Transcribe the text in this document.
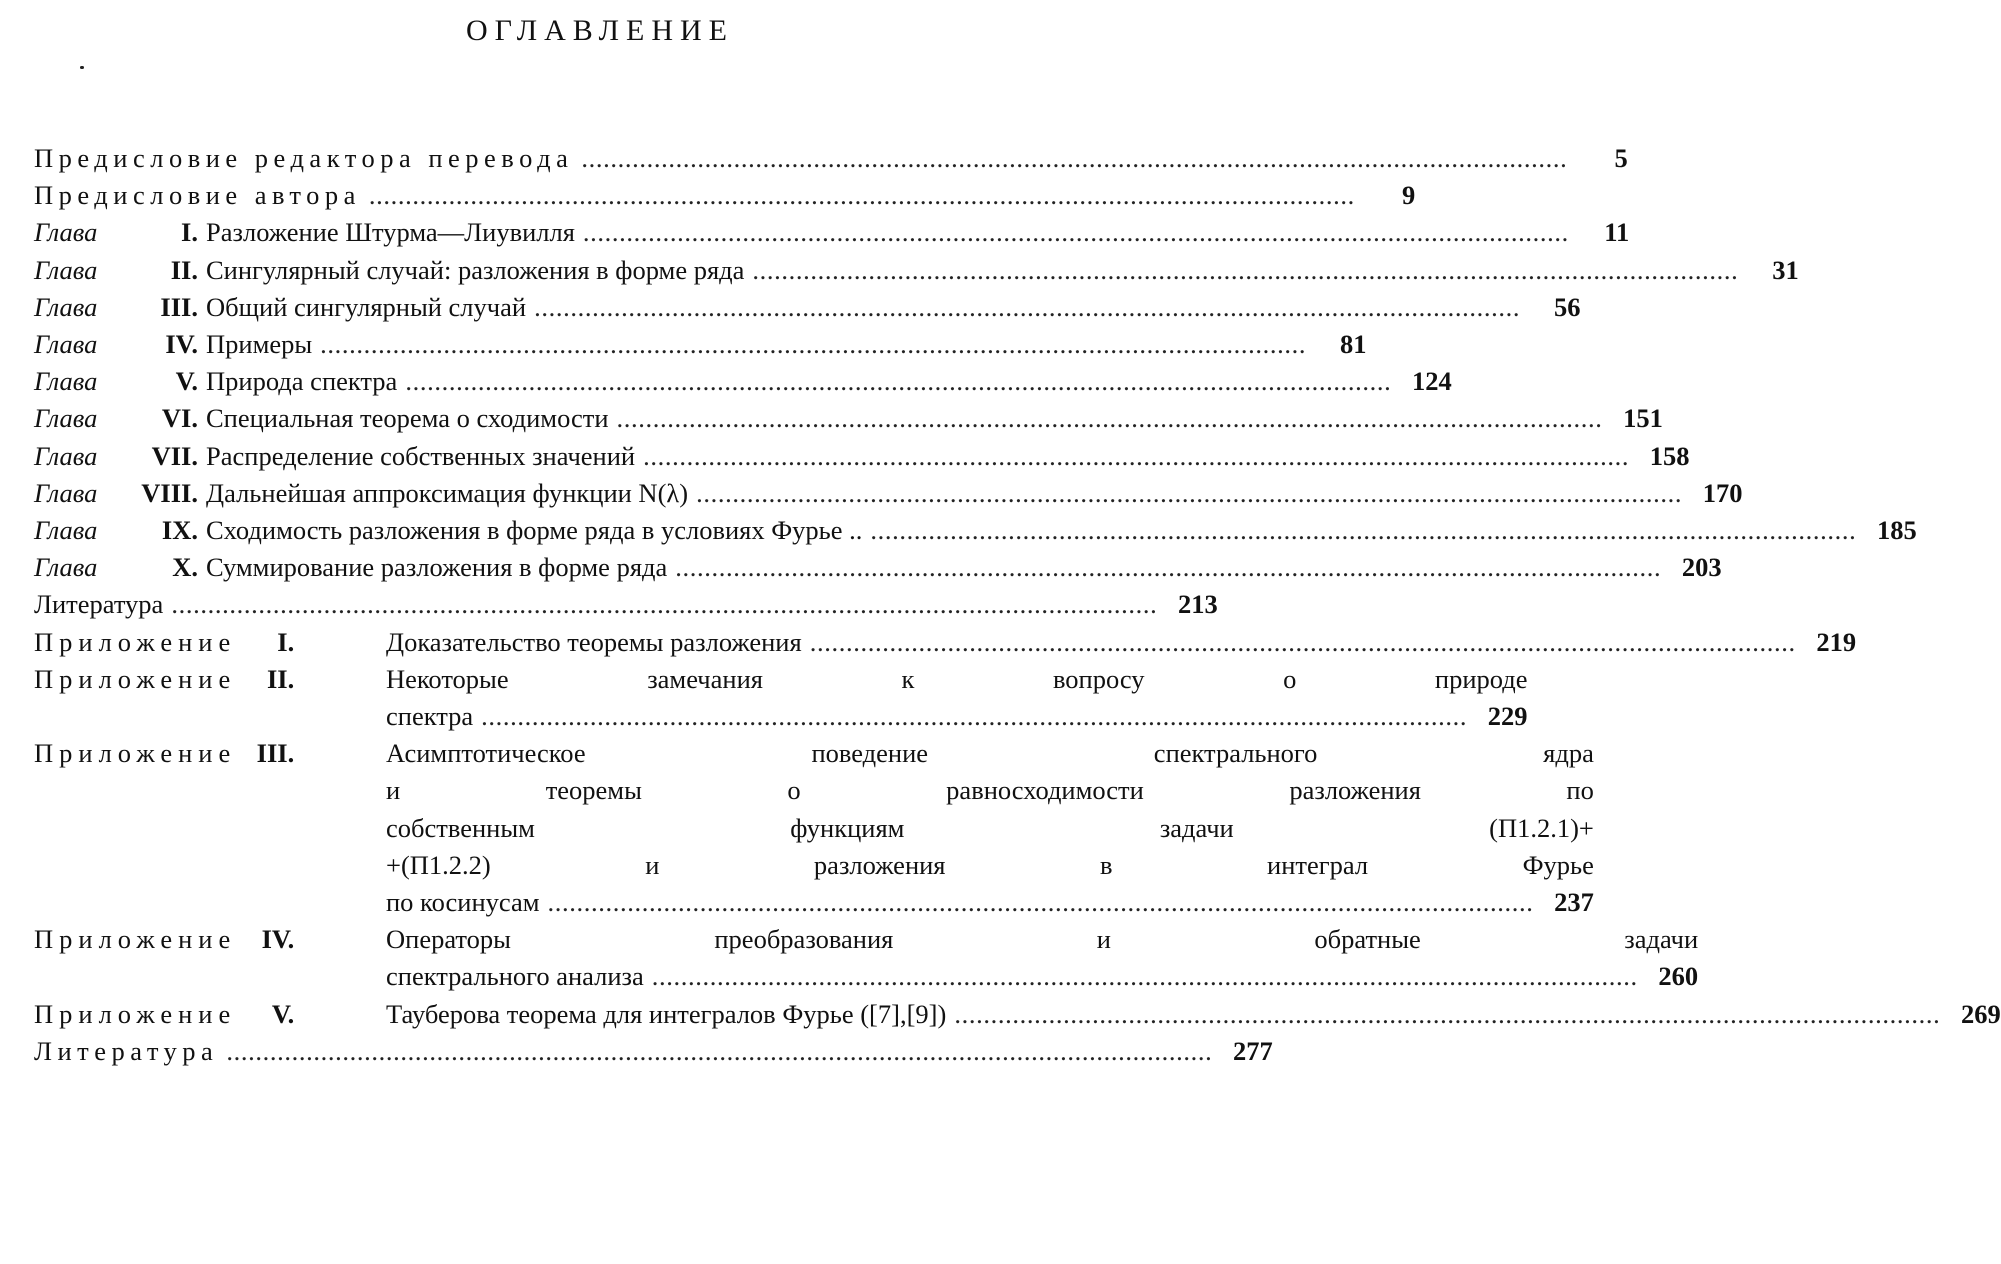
ОГЛАВЛЕНИЕ
Предисловие редактора перевода . . .	5
Предисловие автора . . .	9
Глава	I. Разложение Штурма—Лиувилля . . .	11
Глава	II. Сингулярный случай: разложения в форме ряда . . .	31
Глава III. Общий сингулярный случай . . .	56
Глава	IV. Примеры . . .	81
Глава	V. Природа спектра . . .	124
Глава VI. Специальная теорема о сходимости . . .	151
Глава VII. Распределение собственных значений . . .	158
Глава VIII. Дальнейшая аппроксимация функции N(λ) . . .	170
Глава IX. Сходимость разложения в форме ряда в условиях Фурье .. . . .	185
Глава	X. Суммирование разложения в форме ряда . . .	203
Литература . . .	213
Приложение I.	Доказательство теоремы разложения . . .	219
Приложение II.	Некоторые замечания к вопросу о природе
спектра . . .	229
Приложение III.	Асимптотическое поведение спектрального ядра
и теоремы о равносходимости разложения по
собственным функциям задачи (П1.2.1)+
+(П1.2.2) и разложения в интеграл Фурье
по косинусам . . .	237
Приложение IV.	Операторы преобразования и обратные задачи
спектрального анализа . . .	260
Приложение V.	Тауберова теорема для интегралов Фурье ([7],[9]) . . .	269
Литература . . .	277
